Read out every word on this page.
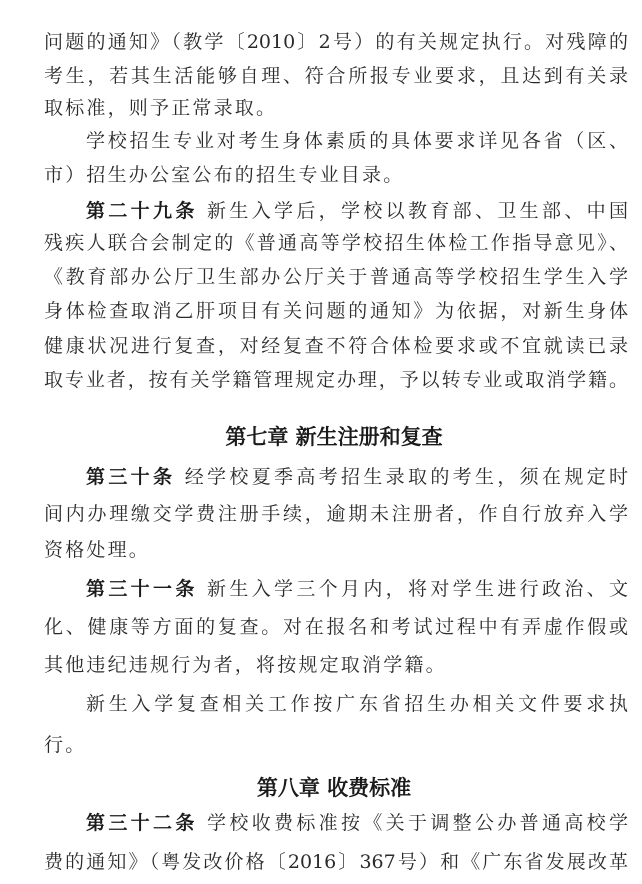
问题的通知》（教学〔2010〕2号）的有关规定执行。对残障的
考生，若其生活能够自理、符合所报专业要求，且达到有关录
取标准，则予正常录取。
学校招生专业对考生身体素质的具体要求详见各省（区、
市）招生办公室公布的招生专业目录。
第二十九条 新生入学后，学校以教育部、卫生部、中国
残疾人联合会制定的《普通高等学校招生体检工作指导意见》、
《教育部办公厅卫生部办公厅关于普通高等学校招生学生入学
身体检查取消乙肝项目有关问题的通知》为依据，对新生身体
健康状况进行复查，对经复查不符合体检要求或不宜就读已录
取专业者，按有关学籍管理规定办理，予以转专业或取消学籍。
第七章 新生注册和复查
第三十条 经学校夏季高考招生录取的考生，须在规定时
间内办理缴交学费注册手续，逾期未注册者，作自行放弃入学
资格处理。
第三十一条 新生入学三个月内，将对学生进行政治、文
化、健康等方面的复查。对在报名和考试过程中有弄虚作假或
其他违纪违规行为者，将按规定取消学籍。
新生入学复查相关工作按广东省招生办相关文件要求执
行。
第八章 收费标准
第三十二条 学校收费标准按《关于调整公办普通高校学
费的通知》（粤发改价格〔2016〕367号）和《广东省发展改革
